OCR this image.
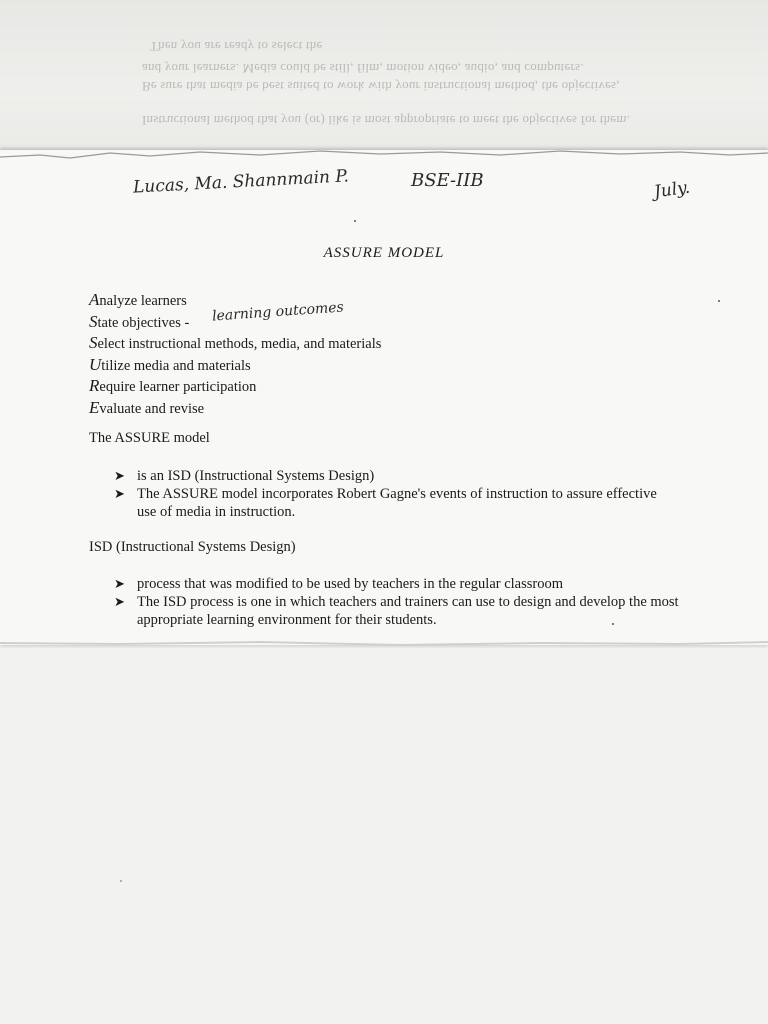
Then you are ready to select the
and your learners. Media could be still, film, motion video, audio, and computers.
Be sure that media be best suited to work with your instructional method, the objectives,
Instructional method that you (or) like is most appropriate to meet the objectives for them.
Lucas, Ma. Shannmain P.	BSE-IIB	July.
ASSURE MODEL
Analyze learners
State objectives -
Select instructional methods, media, and materials
Utilize media and materials
Require learner participation
Evaluate and revise
learning outcomes
The ASSURE model
➤ is an ISD (Instructional Systems Design)
➤ The ASSURE model incorporates Robert Gagne's events of instruction to assure effective use of media in instruction.
ISD (Instructional Systems Design)
➤ process that was modified to be used by teachers in the regular classroom
➤ The ISD process is one in which teachers and trainers can use to design and develop the most appropriate learning environment for their students.
